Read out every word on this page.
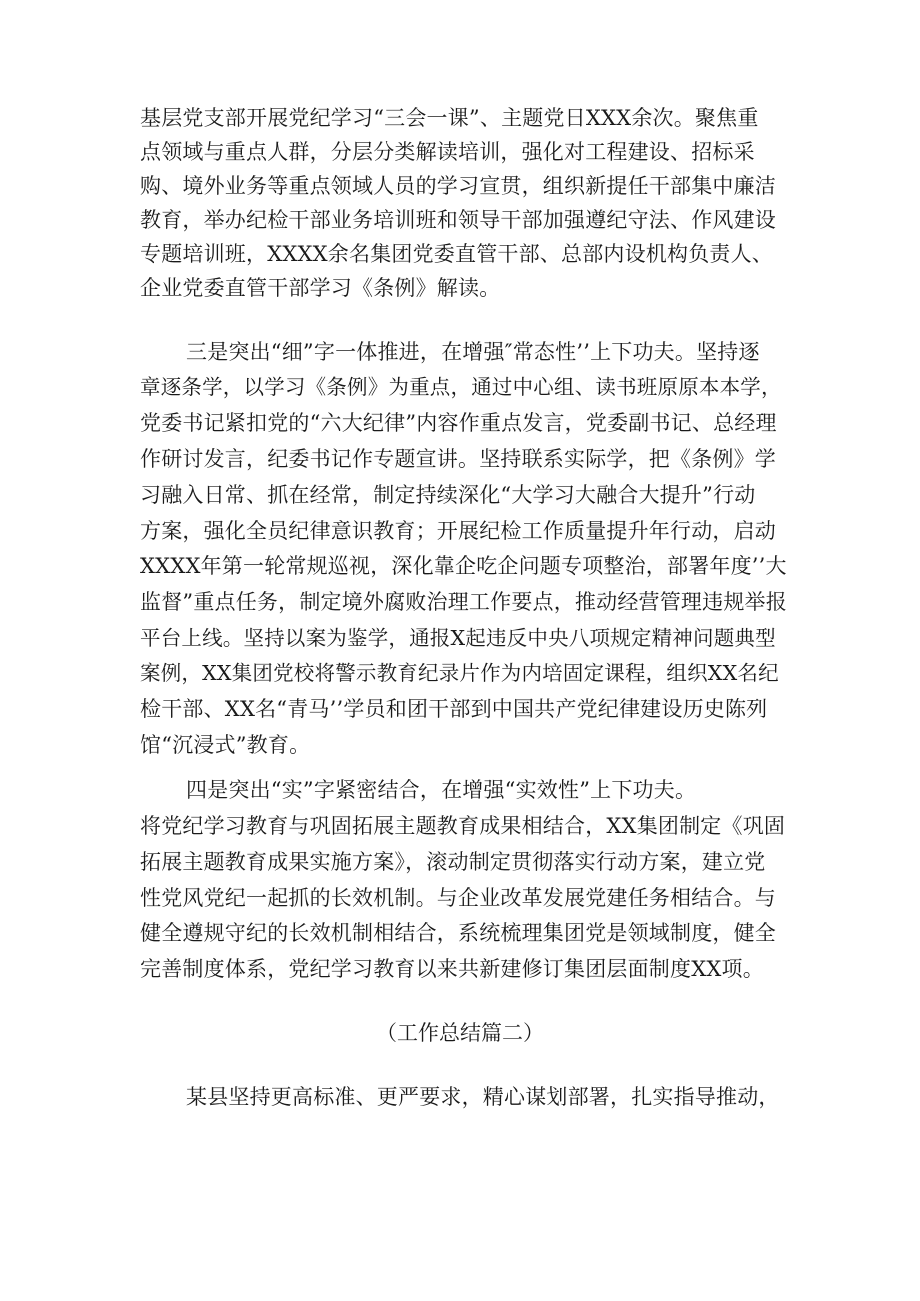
基层党支部开展党纪学习“三会一课”、主题党日XXX余次。聚焦重
点领域与重点人群，分层分类解读培训，强化对工程建设、招标采
购、境外业务等重点领域人员的学习宣贯，组织新提任干部集中廉洁
教育，举办纪检干部业务培训班和领导干部加强遵纪守法、作风建设
专题培训班，XXXX余名集团党委直管干部、总部内设机构负责人、
企业党委直管干部学习《条例》解读。
三是突出“细”字一体推进，在增强″常态性’’上下功夫。坚持逐
章逐条学，以学习《条例》为重点，通过中心组、读书班原原本本学，
党委书记紧扣党的“六大纪律”内容作重点发言，党委副书记、总经理
作研讨发言，纪委书记作专题宣讲。坚持联系实际学，把《条例》学
习融入日常、抓在经常，制定持续深化“大学习大融合大提升”行动
方案，强化全员纪律意识教育；开展纪检工作质量提升年行动，启动
XXXX年第一轮常规巡视，深化靠企吃企问题专项整治，部署年度’’大
监督”重点任务，制定境外腐败治理工作要点，推动经营管理违规举报
平台上线。坚持以案为鉴学，通报X起违反中央八项规定精神问题典型
案例，XX集团党校将警示教育纪录片作为内培固定课程，组织XX名纪
检干部、XX名“青马’’学员和团干部到中国共产党纪律建设历史陈列
馆“沉浸式”教育。
四是突出“实”字紧密结合，在增强“实效性”上下功夫。
将党纪学习教育与巩固拓展主题教育成果相结合，XX集团制定《巩固
拓展主题教育成果实施方案》，滚动制定贯彻落实行动方案，建立党
性党风党纪一起抓的长效机制。与企业改革发展党建任务相结合。与
健全遵规守纪的长效机制相结合，系统梳理集团党是领域制度，健全
完善制度体系，党纪学习教育以来共新建修订集团层面制度XX项。
（工作总结篇二）
某县坚持更高标准、更严要求，精心谋划部署，扎实指导推动，
